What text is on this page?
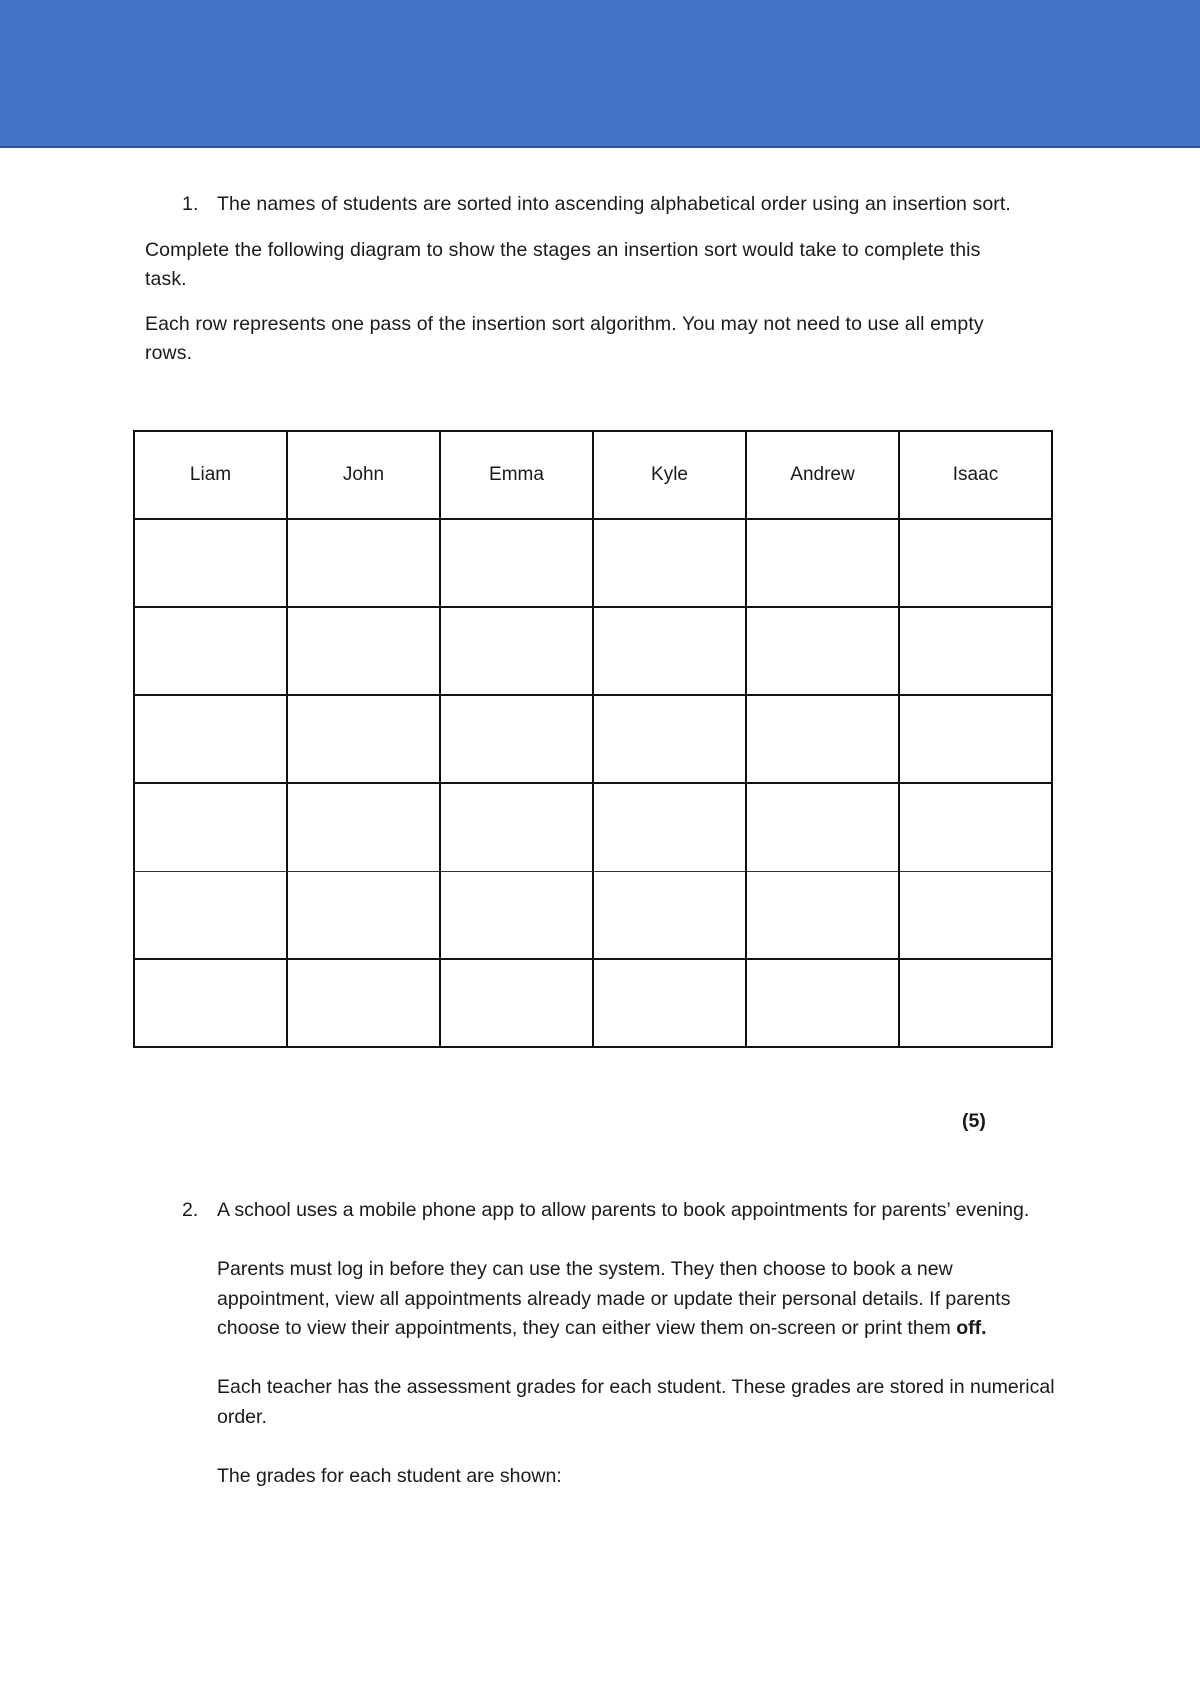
1. The names of students are sorted into ascending alphabetical order using an insertion sort.

Complete the following diagram to show the stages an insertion sort would take to complete this task.

Each row represents one pass of the insertion sort algorithm. You may not need to use all empty rows.

Liam	John	Emma	Kyle	Andrew	Isaac

(5)
2. A school uses a mobile phone app to allow parents to book appointments for parents’ evening.

Parents must log in before they can use the system. They then choose to book a new appointment, view all appointments already made or update their personal details. If parents choose to view their appointments, they can either view them on-screen or print them off.

Each teacher has the assessment grades for each student. These grades are stored in numerical order.

The grades for each student are shown:
